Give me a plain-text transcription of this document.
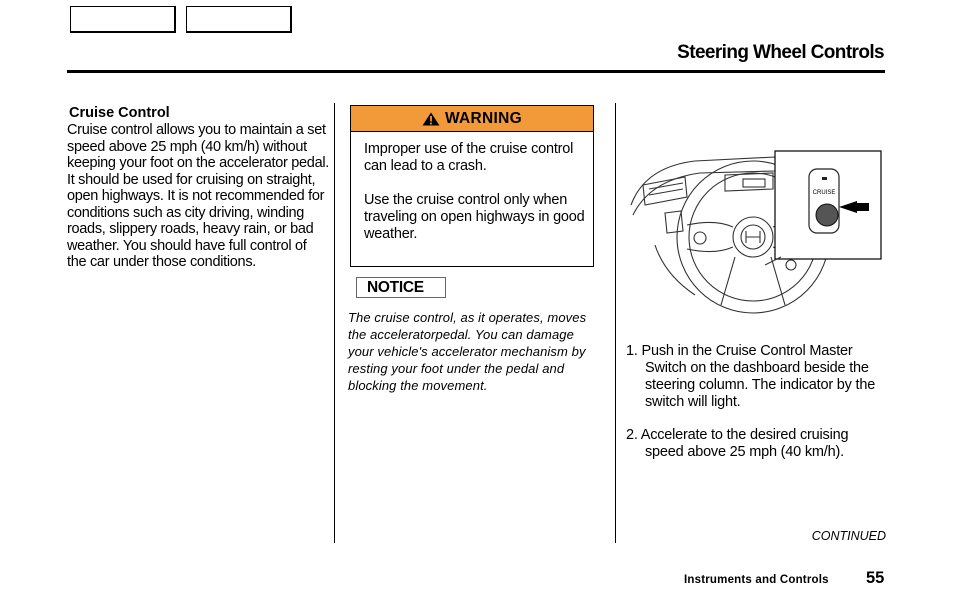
Steering Wheel Controls
Cruise Control
Cruise control allows you to maintain a set speed above 25 mph (40 km/h) without keeping your foot on the accelerator pedal. It should be used for cruising on straight, open highways. It is not recommended for conditions such as city driving, winding roads, slippery roads, heavy rain, or bad weather. You should have full control of the car under those conditions.
WARNING

Improper use of the cruise control can lead to a crash.

Use the cruise control only when traveling on open highways in good weather.

NOTICE

The cruise control, as it operates, moves the acceleratorpedal. You can damage your vehicle's accelerator mechanism by resting your foot under the pedal and blocking the movement.

CRUISE

1. Push in the Cruise Control Master Switch on the dashboard beside the steering column. The indicator by the switch will light.

2. Accelerate to the desired cruising speed above 25 mph (40 km/h).

CONTINUED
Instruments and Controls 55
